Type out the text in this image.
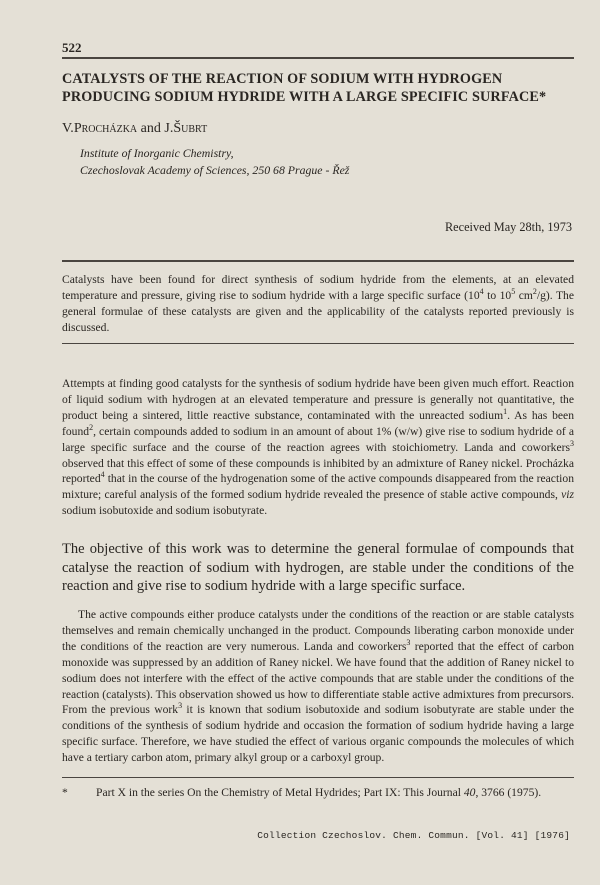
522
CATALYSTS OF THE REACTION OF SODIUM WITH HYDROGEN
PRODUCING SODIUM HYDRIDE WITH A LARGE SPECIFIC SURFACE*
V.Procházka and J.Šubrt
Institute of Inorganic Chemistry,
Czechoslovak Academy of Sciences, 250 68 Prague - Řež
Received May 28th, 1973
Catalysts have been found for direct synthesis of sodium hydride from the elements, at an elevated temperature and pressure, giving rise to sodium hydride with a large specific surface ($10^4$ to $10^5$ $cm^2/g$). The general formulae of these catalysts are given and the applicability of the catalysts reported previously is discussed.
Attempts at finding good catalysts for the synthesis of sodium hydride have been given much effort. Reaction of liquid sodium with hydrogen at an elevated temperature and pressure is generally not quantitative, the product being a sintered, little reactive substance, contaminated with the unreacted sodium$^1$. As has been found$^2$, certain compounds added to sodium in an amount of about 1% (w/w) give rise to sodium hydride of a large specific surface and the course of the reaction agrees with stoichiometry. Landa and coworkers$^3$ observed that this effect of some of these compounds is inhibited by an admixture of Raney nickel. Procházka reported$^4$ that in the course of the hydrogenation some of the active compounds disappeared from the reaction mixture; careful analysis of the formed sodium hydride revealed the presence of stable active compounds, viz sodium isobutoxide and sodium isobutyrate.
The objective of this work was to determine the general formulae of compounds that catalyse the reaction of sodium with hydrogen, are stable under the conditions of the reaction and give rise to sodium hydride with a large specific surface.
The active compounds either produce catalysts under the conditions of the reaction or are stable catalysts themselves and remain chemically unchanged in the product. Compounds liberating carbon monoxide under the conditions of the reaction are very numerous. Landa and coworkers$^3$ reported that the effect of carbon monoxide was suppressed by an addition of Raney nickel. We have found that the addition of Raney nickel to sodium does not interfere with the effect of the active compounds that are stable under the conditions of the reaction (catalysts). This observation showed us how to differentiate stable active admixtures from precursors. From the previous work$^3$ it is known that sodium isobutoxide and sodium isobutyrate are stable under the conditions of the synthesis of sodium hydride and occasion the formation of sodium hydride having a large specific surface. Therefore, we have studied the effect of various organic compounds the molecules of which have a tertiary carbon atom, primary alkyl group or a carboxyl group.
* Part X in the series On the Chemistry of Metal Hydrides; Part IX: This Journal 40, 3766 (1975).
Collection Czechoslov. Chem. Commun. [Vol. 41] [1976]
